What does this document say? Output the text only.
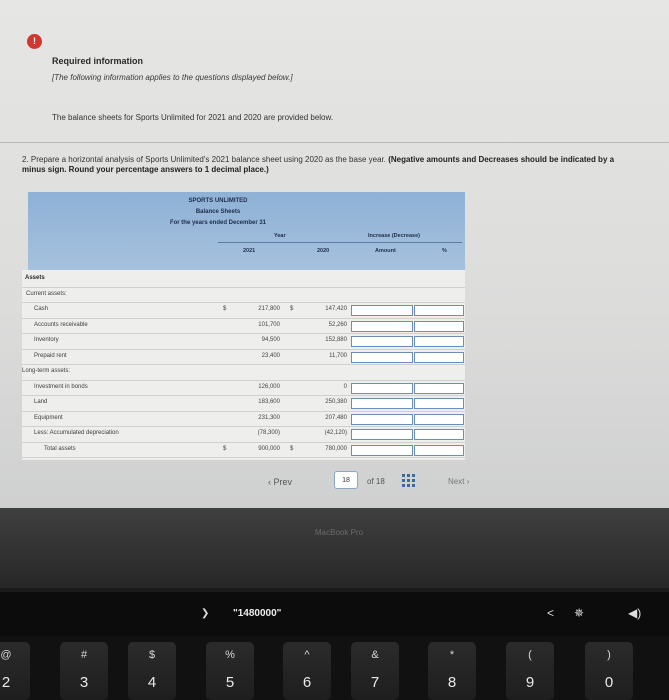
!
Required information
[The following information applies to the questions displayed below.]
The balance sheets for Sports Unlimited for 2021 and 2020 are provided below.
2. Prepare a horizontal analysis of Sports Unlimited's 2021 balance sheet using 2020 as the base year. (Negative amounts and Decreases should be indicated by a minus sign. Round your percentage answers to 1 decimal place.)
SPORTS UNLIMITED
Balance Sheets
For the years ended December 31
Year	Increase (Decrease)
2021	2020	Amount	%
Assets
Current assets:
Cash	$	217,800 $	147,420
Accounts receivable	101,700	52,260
Inventory	94,500	152,880
Prepaid rent	23,400	11,700
Long-term assets:
Investment in bonds	126,000	0
Land	183,600	250,380
Equipment	231,300	207,480
Less: Accumulated depreciation	(78,300)	(42,120)
Total assets	$	900,000 $	780,000
‹ Prev	18	of 18	Next ›
MacBook Pro
❯ "1480000"	< ✵	◀)
@
2
#
3
$
4
%
5
^
6
&
7
*
8
(
9
)
0
